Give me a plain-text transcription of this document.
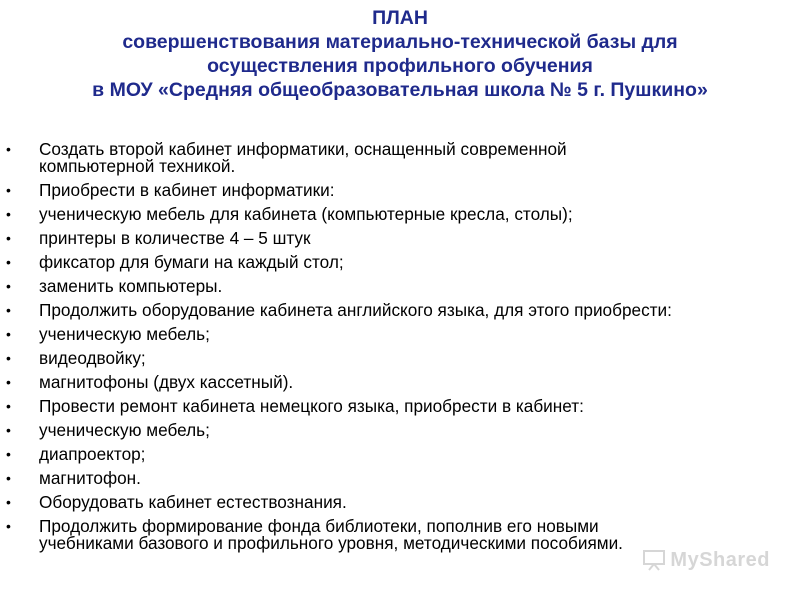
ПЛАН
совершенствования материально-технической базы для
осуществления профильного обучения
в МОУ «Средняя общеобразовательная школа № 5 г. Пушкино»
• Создать второй кабинет информатики, оснащенный современной
компьютерной техникой.
• Приобрести в кабинет информатики:
• ученическую мебель для кабинета (компьютерные кресла, столы);
• принтеры в количестве 4 – 5 штук
• фиксатор для бумаги на каждый стол;
• заменить компьютеры.
• Продолжить оборудование кабинета английского языка, для этого приобрести:
• ученическую мебель;
• видеодвойку;
• магнитофоны (двух кассетный).
• Провести ремонт кабинета немецкого языка, приобрести в кабинет:
• ученическую мебель;
• диапроектор;
• магнитофон.
• Оборудовать кабинет естествознания.
• Продолжить формирование фонда библиотеки, пополнив его новыми
учебниками базового и профильного уровня, методическими пособиями.
MyShared
